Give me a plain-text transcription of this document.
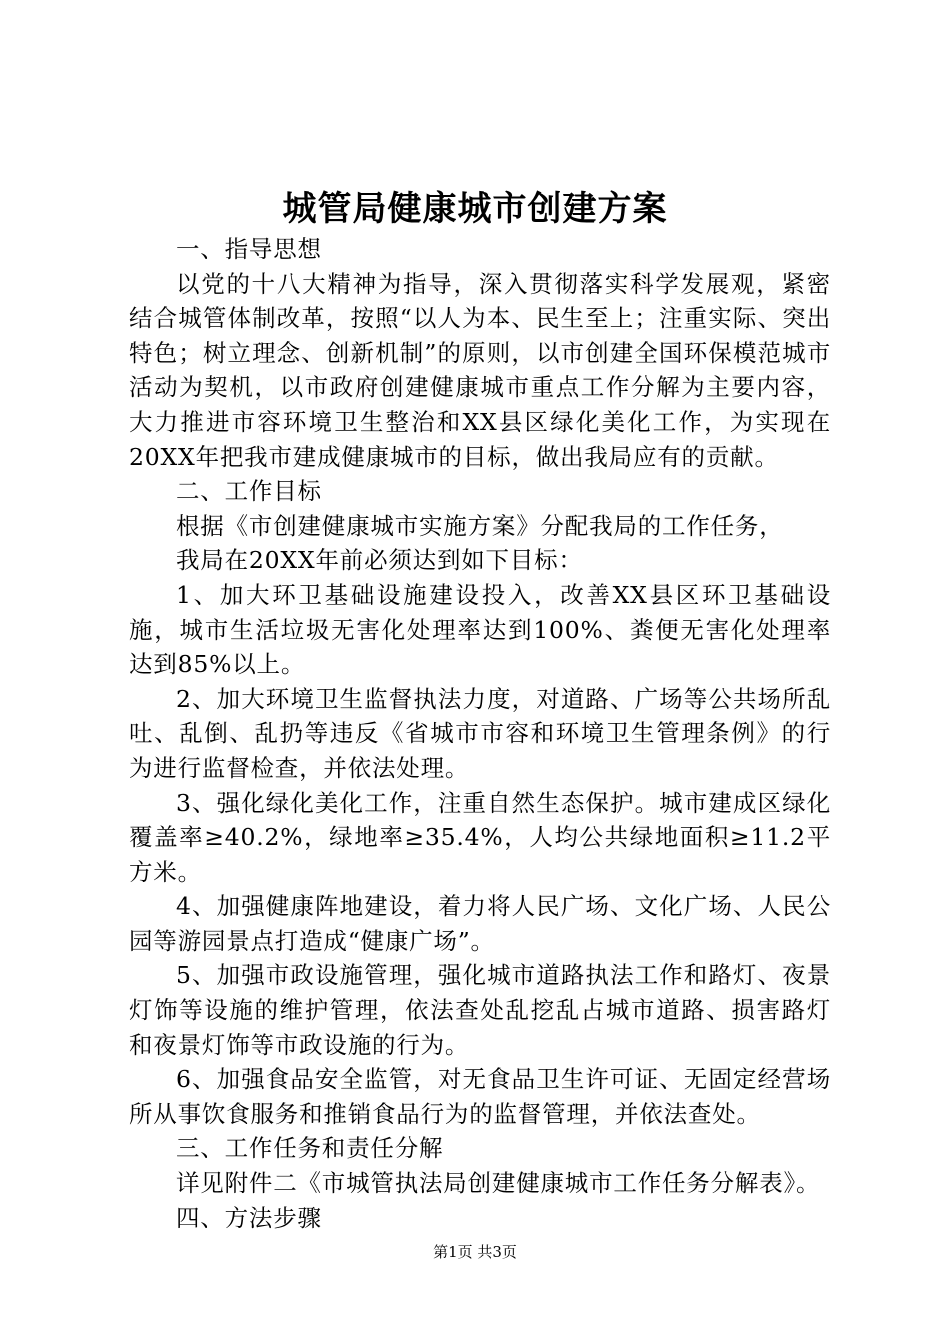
城管局健康城市创建方案

一、指导思想

以党的十八大精神为指导，深入贯彻落实科学发展观，紧密结合城管体制改革，按照“以人为本、民生至上；注重实际、突出特色；树立理念、创新机制”的原则，以市创建全国环保模范城市活动为契机，以市政府创建健康城市重点工作分解为主要内容，大力推进市容环境卫生整治和XX县区绿化美化工作，为实现在20XX年把我市建成健康城市的目标，做出我局应有的贡献。

二、工作目标

根据《市创建健康城市实施方案》分配我局的工作任务，

我局在20XX年前必须达到如下目标：

1、加大环卫基础设施建设投入，改善XX县区环卫基础设施，城市生活垃圾无害化处理率达到100%、粪便无害化处理率达到85%以上。

2、加大环境卫生监督执法力度，对道路、广场等公共场所乱吐、乱倒、乱扔等违反《省城市市容和环境卫生管理条例》的行为进行监督检查，并依法处理。

3、强化绿化美化工作，注重自然生态保护。城市建成区绿化覆盖率≥40.2%，绿地率≥35.4%，人均公共绿地面积≥11.2平方米。

4、加强健康阵地建设，着力将人民广场、文化广场、人民公园等游园景点打造成“健康广场”。

5、加强市政设施管理，强化城市道路执法工作和路灯、夜景灯饰等设施的维护管理，依法查处乱挖乱占城市道路、损害路灯和夜景灯饰等市政设施的行为。

6、加强食品安全监管，对无食品卫生许可证、无固定经营场所从事饮食服务和推销食品行为的监督管理，并依法查处。

三、工作任务和责任分解

详见附件二《市城管执法局创建健康城市工作任务分解表》。

四、方法步骤

第1页 共3页
